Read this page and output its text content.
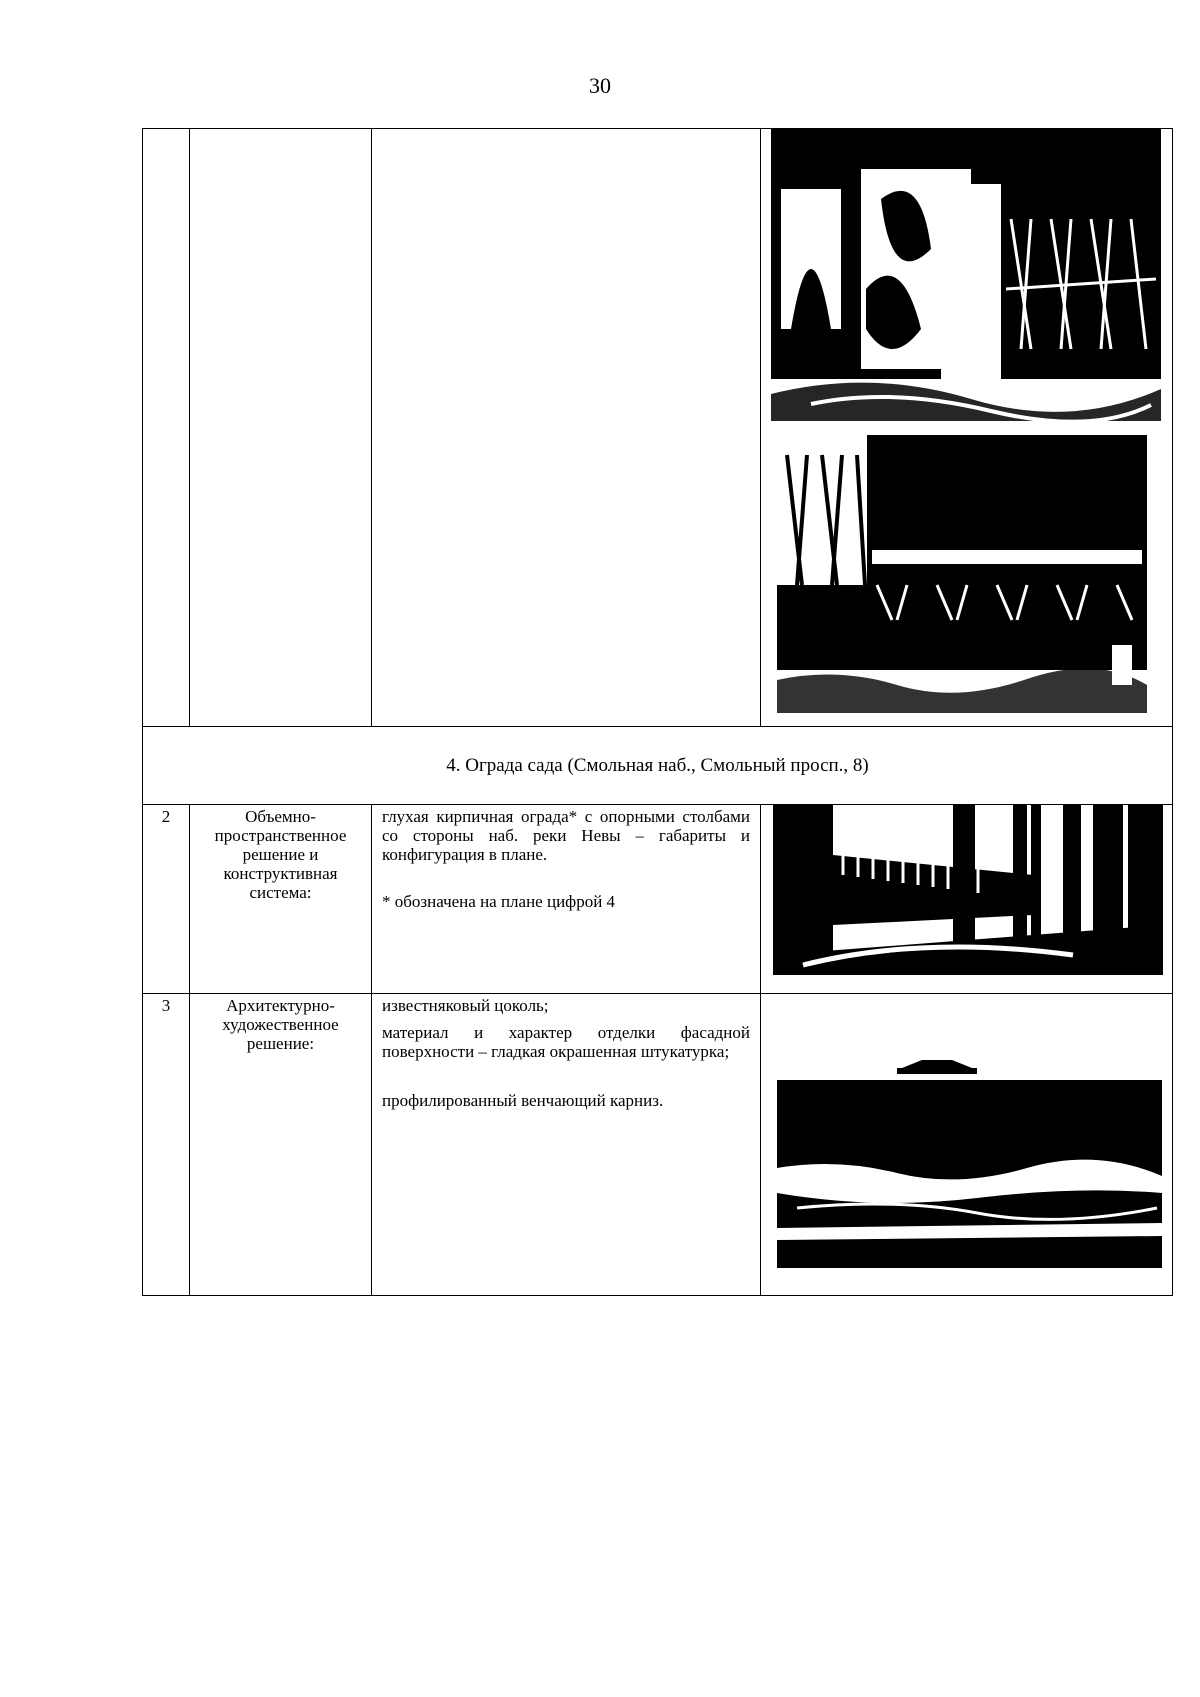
30

4. Ограда сада (Смольная наб., Смольный просп., 8)			
2	Объемно-пространственное решение и конструктивная система:	глухая кирпичная ограда* с опорными столбами со стороны наб. реки Невы – габариты и конфигурация в плане.

* обозначена на плане цифрой 4

3	Архитектурно-художественное решение:	известняковый цоколь;

материал и характер отделки фасадной поверхности – гладкая окрашенная штукатурка;

профилированный венчающий карниз.
